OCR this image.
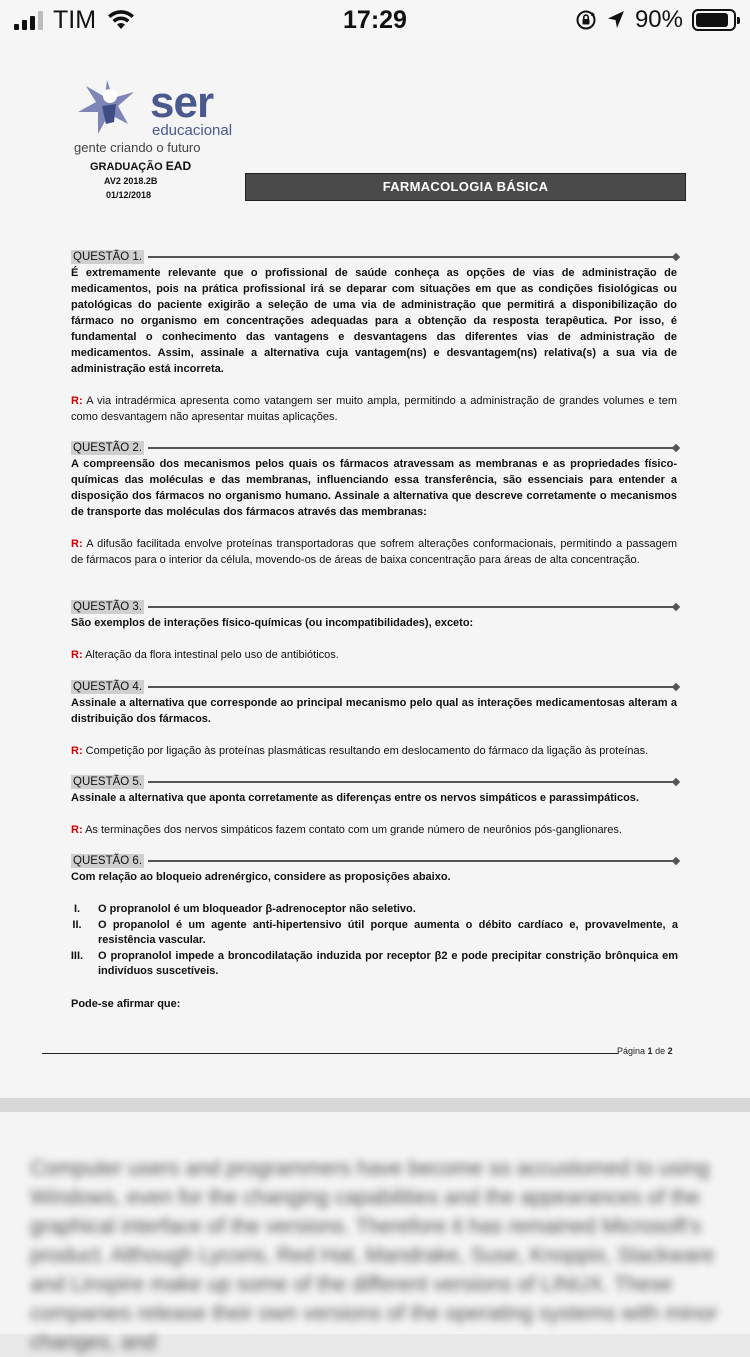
TIM	17:29	90%
ser
educacional
gente criando o futuro
GRADUAÇÃO EAD
AV2 2018.2B
01/12/2018
FARMACOLOGIA BÁSICA
QUESTÃO 1.
É extremamente relevante que o profissional de saúde conheça as opções de vias de administração de medicamentos, pois na prática profissional irá se deparar com situações em que as condições fisiológicas ou patológicas do paciente exigirão a seleção de uma via de administração que permitirá a disponibilização do fármaco no organismo em concentrações adequadas para a obtenção da resposta terapêutica. Por isso, é fundamental o conhecimento das vantagens e desvantagens das diferentes vias de administração de medicamentos. Assim, assinale a alternativa cuja vantagem(ns) e desvantagem(ns) relativa(s) a sua via de administração está incorreta.
R: A via intradérmica apresenta como vatangem ser muito ampla, permitindo a administração de grandes volumes e tem como desvantagem não apresentar muitas aplicações.
QUESTÃO 2.
A compreensão dos mecanismos pelos quais os fármacos atravessam as membranas e as propriedades físico-químicas das moléculas e das membranas, influenciando essa transferência, são essenciais para entender a disposição dos fármacos no organismo humano. Assinale a alternativa que descreve corretamente o mecanismos de transporte das moléculas dos fármacos através das membranas:
R: A difusão facilitada envolve proteínas transportadoras que sofrem alterações conformacionais, permitindo a passagem de fármacos para o interior da célula, movendo-os de áreas de baixa concentração para áreas de alta concentração.
QUESTÃO 3.
São exemplos de interações físico-químicas (ou incompatibilidades), exceto:
R: Alteração da flora intestinal pelo uso de antibióticos.
QUESTÃO 4.
Assinale a alternativa que corresponde ao principal mecanismo pelo qual as interações medicamentosas alteram a distribuição dos fármacos.
R: Competição por ligação às proteínas plasmáticas resultando em deslocamento do fármaco da ligação às proteínas.
QUESTÃO 5.
Assinale a alternativa que aponta corretamente as diferenças entre os nervos simpáticos e parassimpáticos.
R: As terminações dos nervos simpáticos fazem contato com um grande número de neurônios pós-ganglionares.
QUESTÃO 6.
Com relação ao bloqueio adrenérgico, considere as proposições abaixo.
I.	O propranolol é um bloqueador β-adrenoceptor não seletivo.
II.	O propanolol é um agente anti-hipertensivo útil porque aumenta o débito cardíaco e, provavelmente, a resistência vascular.
III.	O propranolol impede a broncodilatação induzida por receptor β2 e pode precipitar constrição brônquica em indivíduos suscetíveis.
Pode-se afirmar que:
Página 1 de 2
Computer users and programmers have become so accustomed to using Windows, even for the changing capabilities and the appearances of the graphical interface of the versions. Therefore it has remained Microsoft's product. Although Lycoris, Red Hat, Mandrake, Suse, Knoppix, Slackware and Linspire make up some of the different versions of LINUX. These companies release their own versions of the operating systems with minor changes, and
